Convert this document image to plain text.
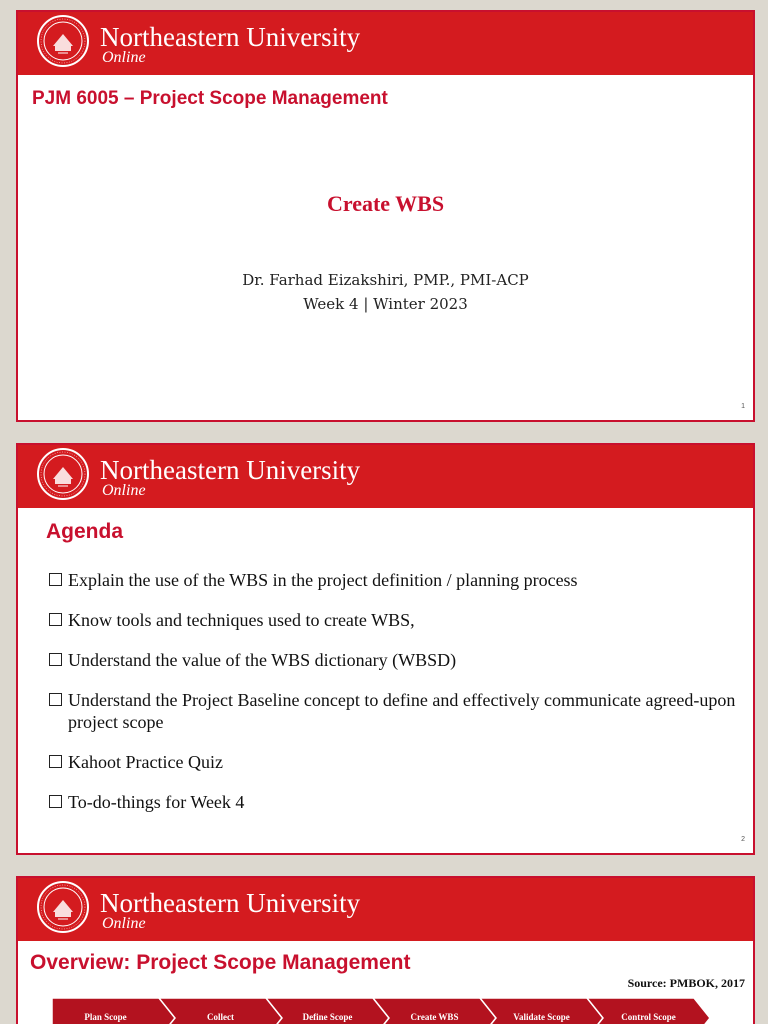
Northeastern University
Online
PJM 6005 – Project Scope Management
Create WBS
Dr. Farhad Eizakshiri, PMP., PMI-ACP
Week 4 | Winter 2023
1
Northeastern University
Online
Agenda
Explain the use of the WBS in the project definition / planning process
Know tools and techniques used to create WBS,
Understand the value of the WBS dictionary (WBSD)
Understand the Project Baseline concept to define and effectively communicate agreed-upon project scope
Kahoot Practice Quiz
To-do-things for Week 4
2
Northeastern University
Online
Overview: Project Scope Management
Source: PMBOK, 2017
Plan Scope	Collect	Define Scope	Create WBS	Validate Scope	Control Scope
